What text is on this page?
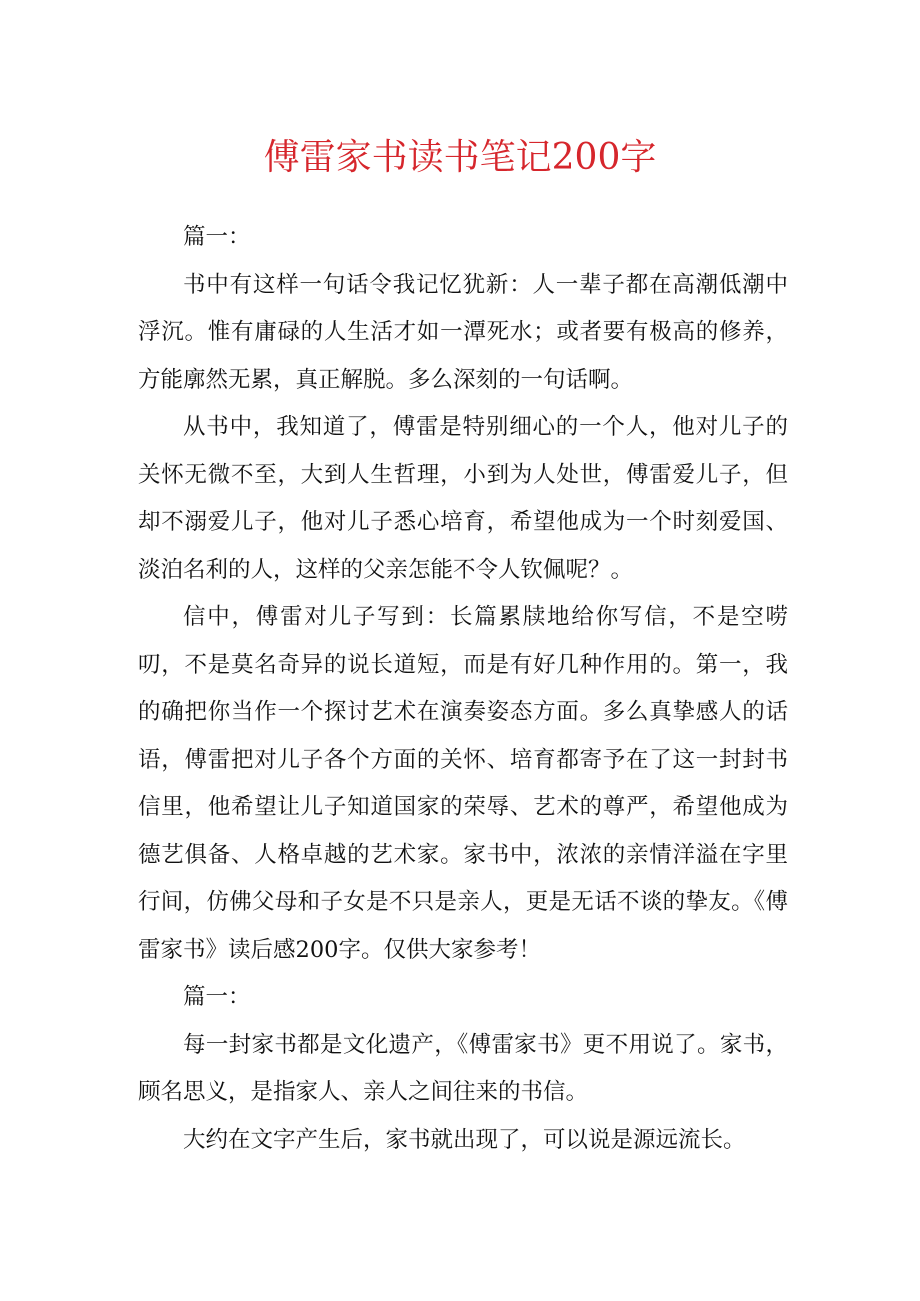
傅雷家书读书笔记200字

篇一：

书中有这样一句话令我记忆犹新：人一辈子都在高潮低潮中浮沉。惟有庸碌的人生活才如一潭死水；或者要有极高的修养，方能廓然无累，真正解脱。多么深刻的一句话啊。

从书中，我知道了，傅雷是特别细心的一个人，他对儿子的关怀无微不至，大到人生哲理，小到为人处世，傅雷爱儿子，但却不溺爱儿子，他对儿子悉心培育，希望他成为一个时刻爱国、淡泊名利的人，这样的父亲怎能不令人钦佩呢？。

信中，傅雷对儿子写到：长篇累牍地给你写信，不是空唠叨，不是莫名奇异的说长道短，而是有好几种作用的。第一，我的确把你当作一个探讨艺术在演奏姿态方面。多么真挚感人的话语，傅雷把对儿子各个方面的关怀、培育都寄予在了这一封封书信里，他希望让儿子知道国家的荣辱、艺术的尊严，希望他成为德艺俱备、人格卓越的艺术家。家书中，浓浓的亲情洋溢在字里行间，仿佛父母和子女是不只是亲人，更是无话不谈的挚友。《傅雷家书》读后感200字。仅供大家参考！

篇一：

每一封家书都是文化遗产，《傅雷家书》更不用说了。家书，顾名思义，是指家人、亲人之间往来的书信。

大约在文字产生后，家书就出现了，可以说是源远流长。
